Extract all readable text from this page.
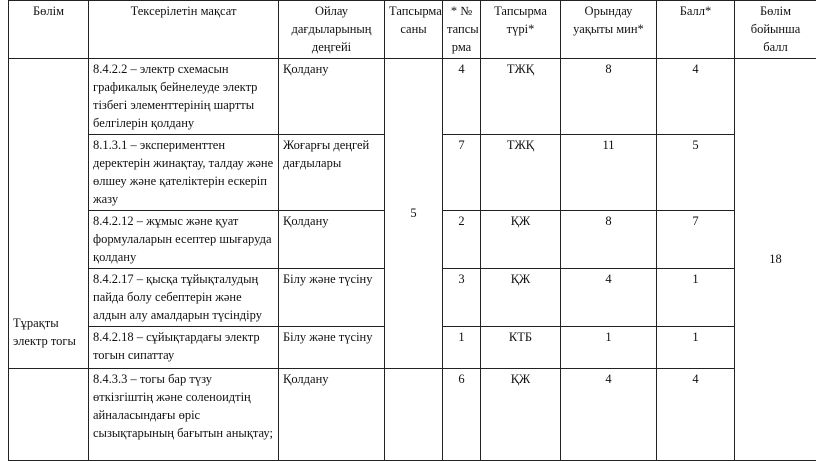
Бөлім	Тексерілетін мақсат	Ойлау
дағдыларының
деңгейі	Тапсырма
саны	* №
тапсы
рма	Тапсырма
түрі*	Орындау
уақыты мин*	Балл*	Бөлім
бойынша
балл
Тұрақты
электр тогы	8.4.2.2 – электр схемасын графикалық бейнелеуде электр тізбегі элементтерінің шартты белгілерін қолдану	Қолдану	5	4	ТЖҚ	8	4	18
	8.1.3.1 – эксперименттен деректерін жинақтау, талдау және өлшеу және қателіктерін ескеріп жазу	Жоғарғы деңгей дағдылары		7	ТЖҚ	11	5	
	8.4.2.12 – жұмыс және қуат формулаларын есептер шығаруда қолдану	Қолдану		2	ҚЖ	8	7	
	8.4.2.17 – қысқа тұйықталудың пайда болу себептерін және алдын алу амалдарын түсіндіру	Білу және түсіну		3	ҚЖ	4	1	
	8.4.2.18 – сұйықтардағы электр тогын сипаттау	Білу және түсіну		1	КТБ	1	1	
	8.4.3.3 – тогы бар түзу өткізгіштің және соленоидтің айналасындағы өріс сызықтарының бағытын анықтау;	Қолдану		6	ҚЖ	4	4	
